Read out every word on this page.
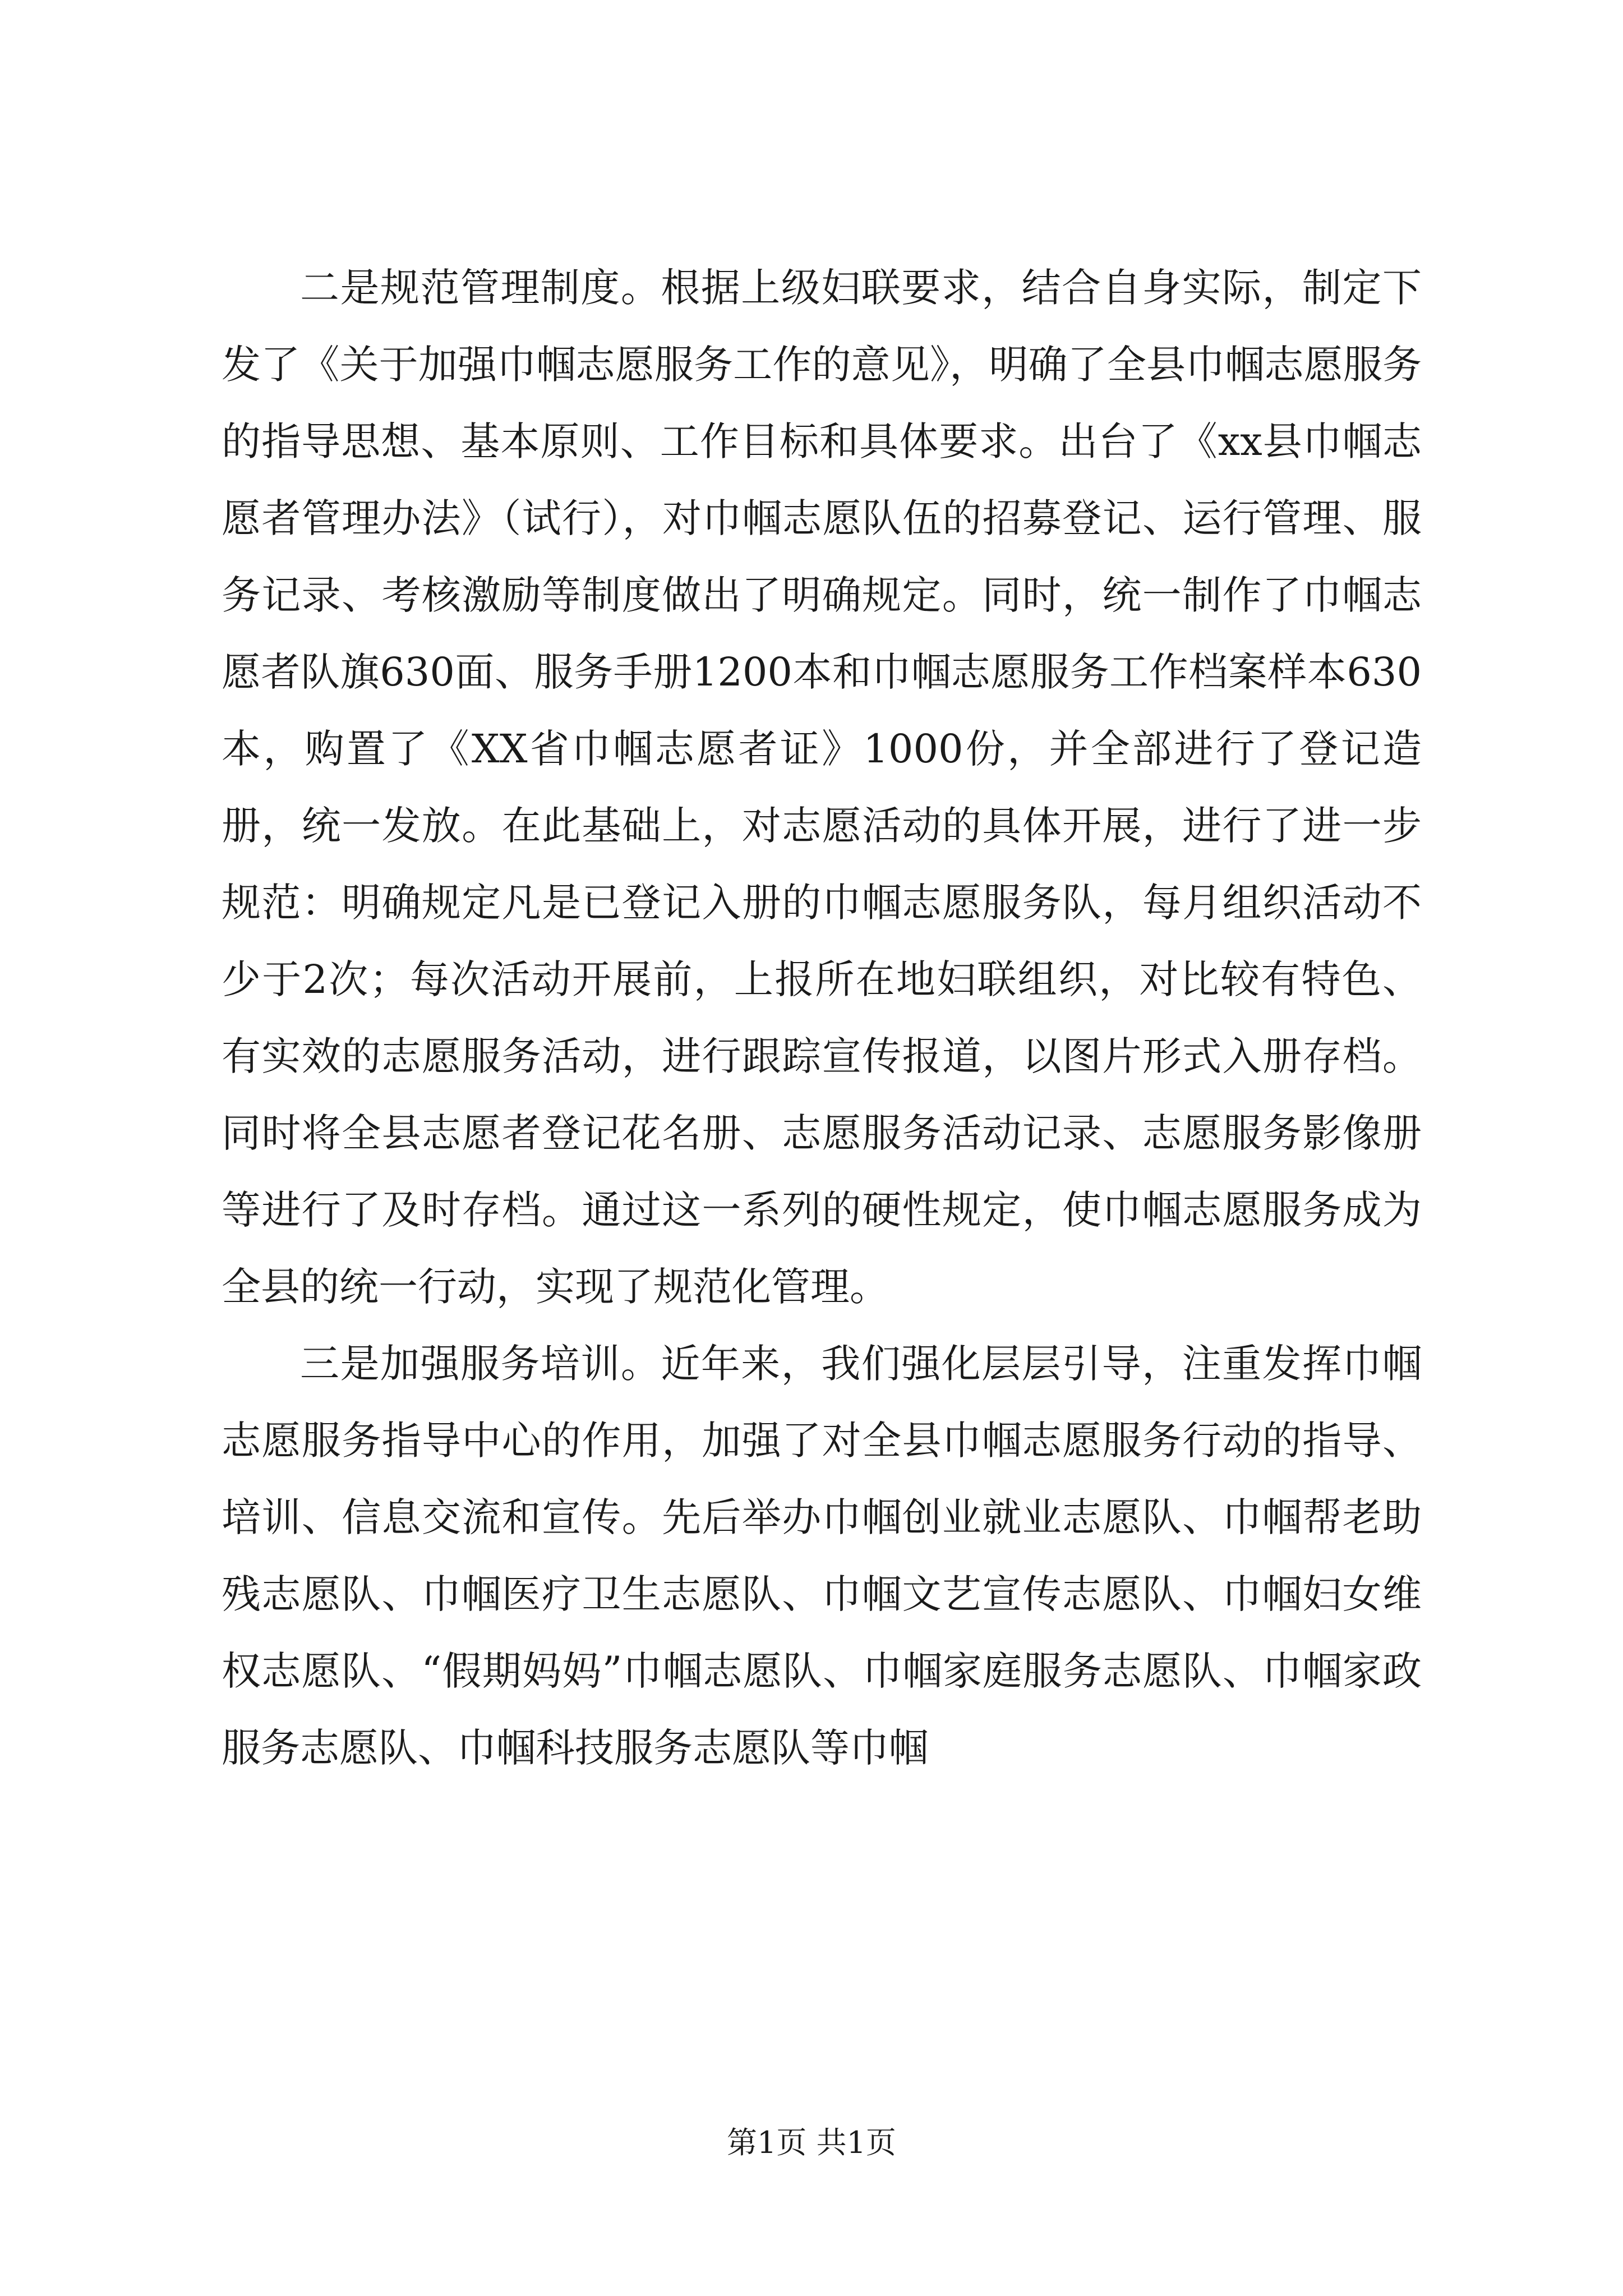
二是规范管理制度。根据上级妇联要求，结合自身实际，制定下发了《关于加强巾帼志愿服务工作的意见》，明确了全县巾帼志愿服务的指导思想、基本原则、工作目标和具体要求。出台了《xx县巾帼志愿者管理办法》（试行），对巾帼志愿队伍的招募登记、运行管理、服务记录、考核激励等制度做出了明确规定。同时，统一制作了巾帼志愿者队旗630面、服务手册1200本和巾帼志愿服务工作档案样本630本，购置了《XX省巾帼志愿者证》1000份，并全部进行了登记造册，统一发放。在此基础上，对志愿活动的具体开展，进行了进一步规范：明确规定凡是已登记入册的巾帼志愿服务队，每月组织活动不少于2次；每次活动开展前，上报所在地妇联组织，对比较有特色、有实效的志愿服务活动，进行跟踪宣传报道，以图片形式入册存档。同时将全县志愿者登记花名册、志愿服务活动记录、志愿服务影像册等进行了及时存档。通过这一系列的硬性规定，使巾帼志愿服务成为全县的统一行动，实现了规范化管理。

三是加强服务培训。近年来，我们强化层层引导，注重发挥巾帼志愿服务指导中心的作用，加强了对全县巾帼志愿服务行动的指导、培训、信息交流和宣传。先后举办巾帼创业就业志愿队、巾帼帮老助残志愿队、巾帼医疗卫生志愿队、巾帼文艺宣传志愿队、巾帼妇女维权志愿队、“假期妈妈”巾帼志愿队、巾帼家庭服务志愿队、巾帼家政服务志愿队、巾帼科技服务志愿队等巾帼

第1页 共1页
